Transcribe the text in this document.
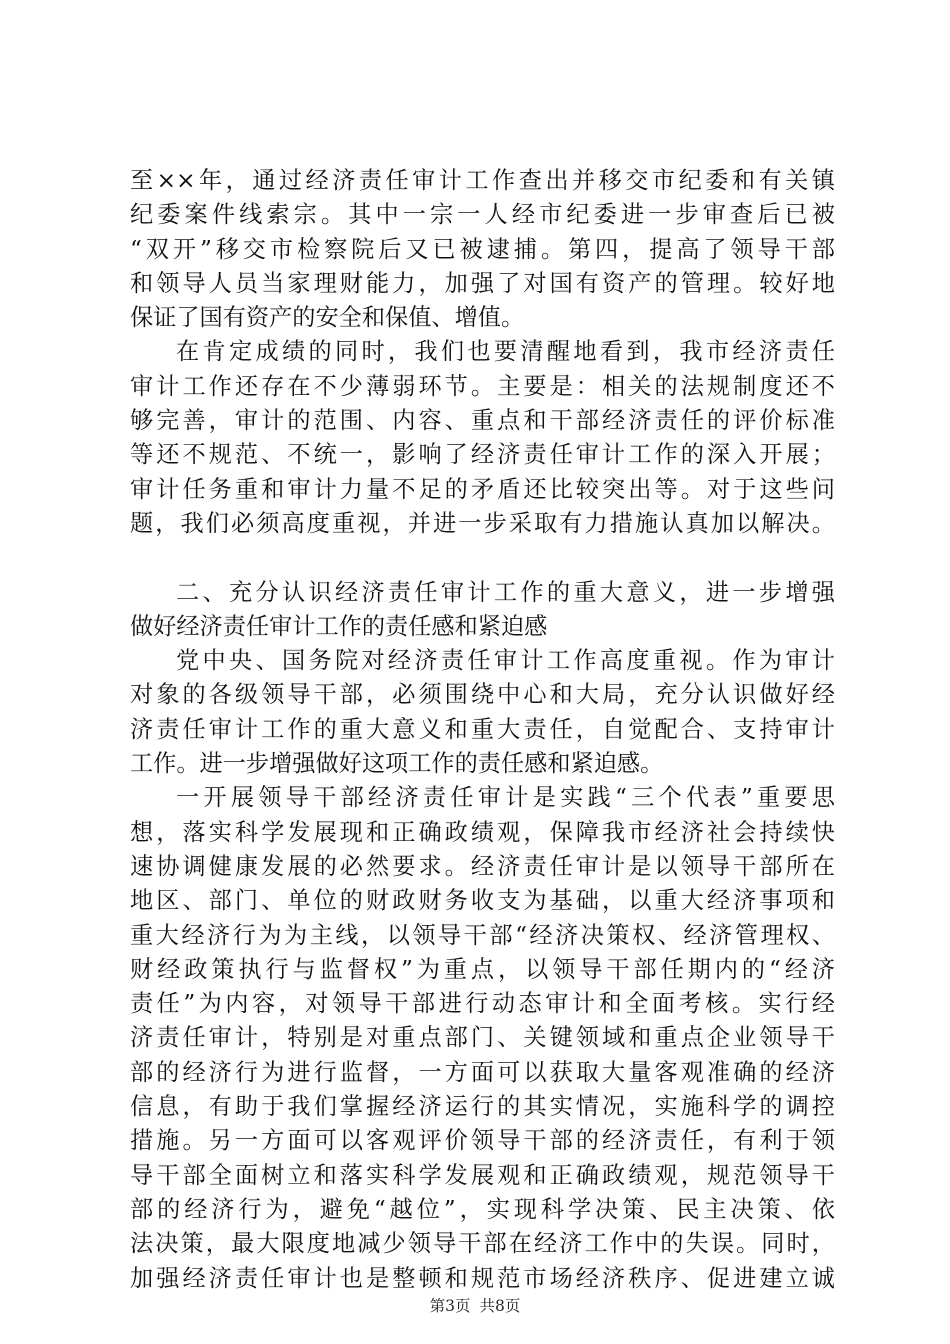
至××年，通过经济责任审计工作查出并移交市纪委和有关镇
纪委案件线索宗。其中一宗一人经市纪委进一步审查后已被
“双开”移交市检察院后又已被逮捕。第四，提高了领导干部
和领导人员当家理财能力，加强了对国有资产的管理。较好地
保证了国有资产的安全和保值、增值。
在肯定成绩的同时，我们也要清醒地看到，我市经济责任
审计工作还存在不少薄弱环节。主要是：相关的法规制度还不
够完善，审计的范围、内容、重点和干部经济责任的评价标准
等还不规范、不统一，影响了经济责任审计工作的深入开展；
审计任务重和审计力量不足的矛盾还比较突出等。对于这些问
题，我们必须高度重视，并进一步采取有力措施认真加以解决。
二、充分认识经济责任审计工作的重大意义，进一步增强
做好经济责任审计工作的责任感和紧迫感
党中央、国务院对经济责任审计工作高度重视。作为审计
对象的各级领导干部，必须围绕中心和大局，充分认识做好经
济责任审计工作的重大意义和重大责任，自觉配合、支持审计
工作。进一步增强做好这项工作的责任感和紧迫感。
一开展领导干部经济责任审计是实践“三个代表”重要思
想，落实科学发展现和正确政绩观，保障我市经济社会持续快
速协调健康发展的必然要求。经济责任审计是以领导干部所在
地区、部门、单位的财政财务收支为基础，以重大经济事项和
重大经济行为为主线，以领导干部“经济决策权、经济管理权、
财经政策执行与监督权”为重点，以领导干部任期内的“经济
责任”为内容，对领导干部进行动态审计和全面考核。实行经
济责任审计，特别是对重点部门、关键领域和重点企业领导干
部的经济行为进行监督，一方面可以获取大量客观准确的经济
信息，有助于我们掌握经济运行的其实情况，实施科学的调控
措施。另一方面可以客观评价领导干部的经济责任，有利于领
导干部全面树立和落实科学发展观和正确政绩观，规范领导干
部的经济行为，避免“越位”，实现科学决策、民主决策、依
法决策，最大限度地减少领导干部在经济工作中的失误。同时，
加强经济责任审计也是整顿和规范市场经济秩序、促进建立诚
第3页 共8页
